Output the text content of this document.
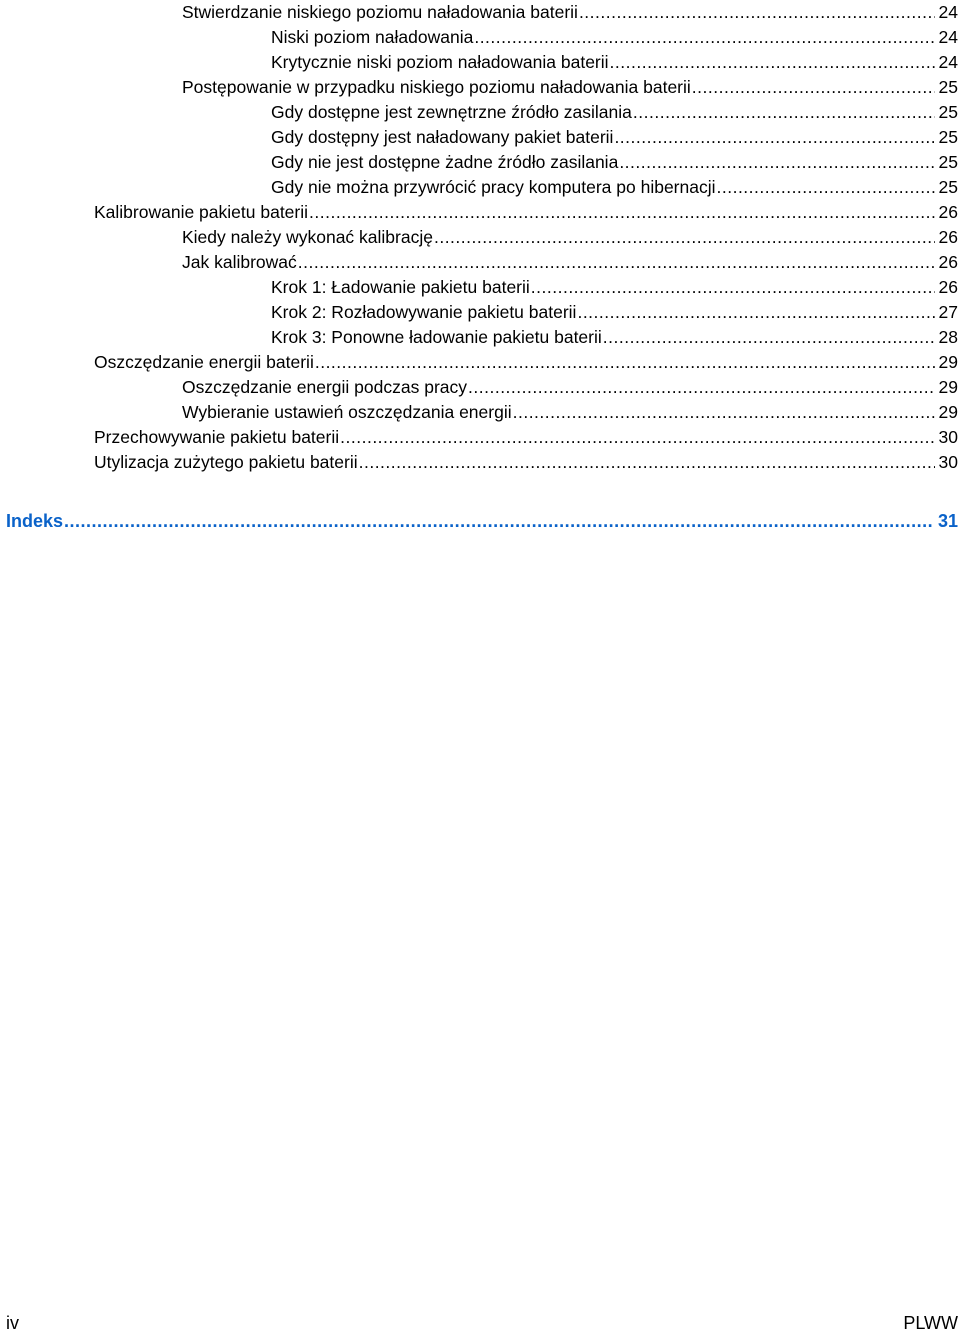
Stwierdzanie niskiego poziomu naładowania baterii .....	24
Niski poziom naładowania .....	24
Krytycznie niski poziom naładowania baterii .....	24
Postępowanie w przypadku niskiego poziomu naładowania baterii .....	25
Gdy dostępne jest zewnętrzne źródło zasilania .....	25
Gdy dostępny jest naładowany pakiet baterii .....	25
Gdy nie jest dostępne żadne źródło zasilania .....	25
Gdy nie można przywrócić pracy komputera po hibernacji .....	25
Kalibrowanie pakietu baterii .....	26
Kiedy należy wykonać kalibrację .....	26
Jak kalibrować .....	26
Krok 1: Ładowanie pakietu baterii .....	26
Krok 2: Rozładowywanie pakietu baterii .....	27
Krok 3: Ponowne ładowanie pakietu baterii .....	28
Oszczędzanie energii baterii .....	29
Oszczędzanie energii podczas pracy .....	29
Wybieranie ustawień oszczędzania energii .....	29
Przechowywanie pakietu baterii .....	30
Utylizacja zużytego pakietu baterii .....	30
Indeks .....	31
iv	PLWW
